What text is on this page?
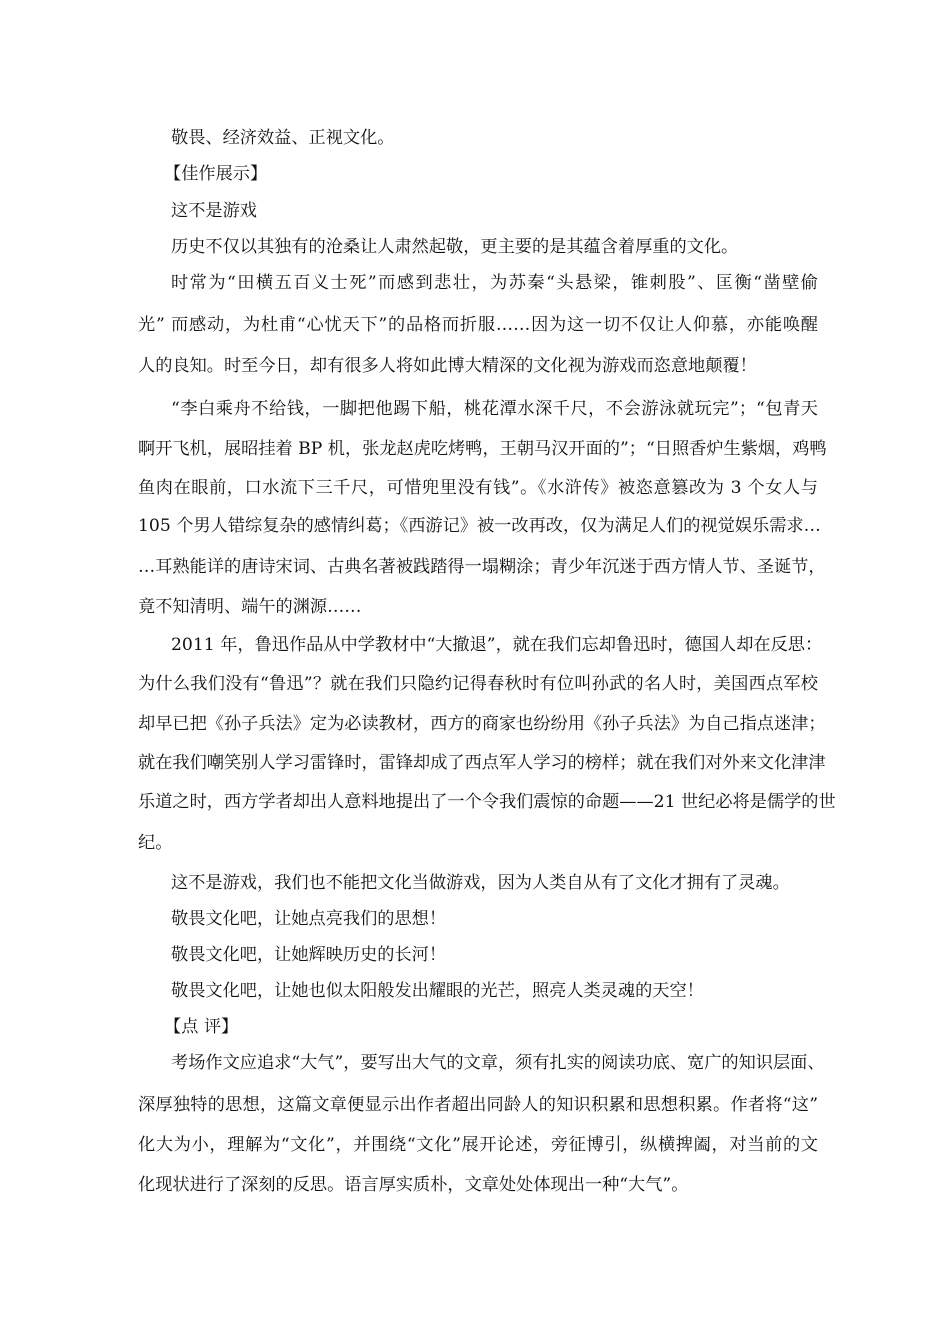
敬畏、经济效益、正视文化。
【佳作展示】
这不是游戏
历史不仅以其独有的沧桑让人肃然起敬，更主要的是其蕴含着厚重的文化。
时常为“田横五百义士死”而感到悲壮，为苏秦“头悬梁，锥刺股”、匡衡“凿壁偷
光” 而感动，为杜甫“心忧天下”的品格而折服……因为这一切不仅让人仰慕，亦能唤醒
人的良知。时至今日，却有很多人将如此博大精深的文化视为游戏而恣意地颠覆！
“李白乘舟不给钱，一脚把他踢下船，桃花潭水深千尺，不会游泳就玩完”；“包青天
啊开飞机，展昭挂着 BP 机，张龙赵虎吃烤鸭，王朝马汉开面的”；“日照香炉生紫烟，鸡鸭
鱼肉在眼前，口水流下三千尺，可惜兜里没有钱”。《水浒传》被恣意篡改为 3 个女人与
105 个男人错综复杂的感情纠葛；《西游记》被一改再改，仅为满足人们的视觉娱乐需求…
…耳熟能详的唐诗宋词、古典名著被践踏得一塌糊涂；青少年沉迷于西方情人节、圣诞节，
竟不知清明、端午的渊源……
2011 年，鲁迅作品从中学教材中“大撤退”，就在我们忘却鲁迅时，德国人却在反思：
为什么我们没有“鲁迅”？就在我们只隐约记得春秋时有位叫孙武的名人时，美国西点军校
却早已把《孙子兵法》定为必读教材，西方的商家也纷纷用《孙子兵法》为自己指点迷津；
就在我们嘲笑别人学习雷锋时，雷锋却成了西点军人学习的榜样；就在我们对外来文化津津
乐道之时，西方学者却出人意料地提出了一个令我们震惊的命题——21 世纪必将是儒学的世
纪。
这不是游戏，我们也不能把文化当做游戏，因为人类自从有了文化才拥有了灵魂。
敬畏文化吧，让她点亮我们的思想！
敬畏文化吧，让她辉映历史的长河！
敬畏文化吧，让她也似太阳般发出耀眼的光芒，照亮人类灵魂的天空！
【点 评】
考场作文应追求“大气”，要写出大气的文章，须有扎实的阅读功底、宽广的知识层面、
深厚独特的思想，这篇文章便显示出作者超出同龄人的知识积累和思想积累。作者将“这”
化大为小，理解为“文化”，并围绕“文化”展开论述，旁征博引，纵横捭阖，对当前的文
化现状进行了深刻的反思。语言厚实质朴，文章处处体现出一种“大气”。
